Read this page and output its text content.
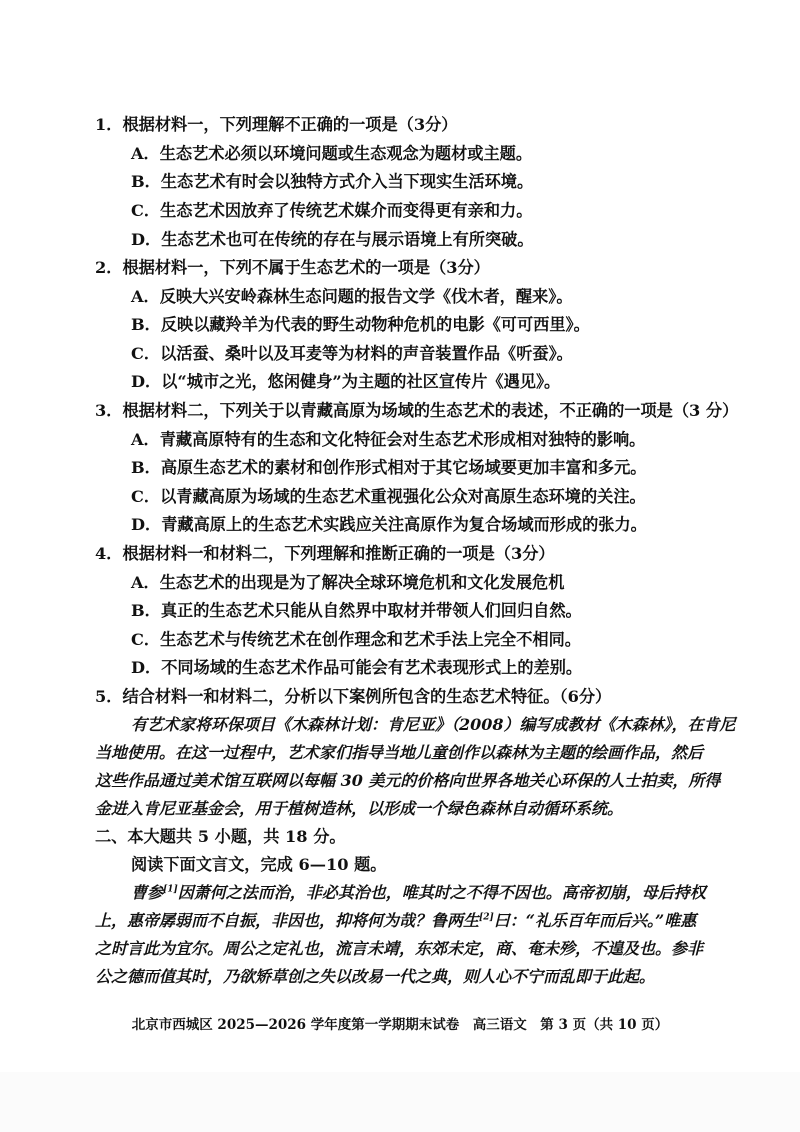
1．根据材料一，下列理解不正确的一项是（3分）
A．生态艺术必须以环境问题或生态观念为题材或主题。
B．生态艺术有时会以独特方式介入当下现实生活环境。
C．生态艺术因放弃了传统艺术媒介而变得更有亲和力。
D．生态艺术也可在传统的存在与展示语境上有所突破。
2．根据材料一，下列不属于生态艺术的一项是（3分）
A．反映大兴安岭森林生态问题的报告文学《伐木者，醒来》。
B．反映以藏羚羊为代表的野生动物种危机的电影《可可西里》。
C．以活蚕、桑叶以及耳麦等为材料的声音装置作品《听蚕》。
D．以“城市之光，悠闲健身”为主题的社区宣传片《遇见》。
3．根据材料二，下列关于以青藏高原为场域的生态艺术的表述，不正确的一项是（3 分）
A．青藏高原特有的生态和文化特征会对生态艺术形成相对独特的影响。
B．高原生态艺术的素材和创作形式相对于其它场域要更加丰富和多元。
C．以青藏高原为场域的生态艺术重视强化公众对高原生态环境的关注。
D．青藏高原上的生态艺术实践应关注高原作为复合场域而形成的张力。
4．根据材料一和材料二，下列理解和推断正确的一项是（3分）
A．生态艺术的出现是为了解决全球环境危机和文化发展危机
B．真正的生态艺术只能从自然界中取材并带领人们回归自然。
C．生态艺术与传统艺术在创作理念和艺术手法上完全不相同。
D．不同场域的生态艺术作品可能会有艺术表现形式上的差别。
5．结合材料一和材料二，分析以下案例所包含的生态艺术特征。（6分）
有艺术家将环保项目《木森林计划：肯尼亚》（2008）编写成教材《木森林》，在肯尼
当地使用。在这一过程中，艺术家们指导当地儿童创作以森林为主题的绘画作品，然后
这些作品通过美术馆互联网以每幅 30 美元的价格向世界各地关心环保的人士拍卖，所得
金进入肯尼亚基金会，用于植树造林，以形成一个绿色森林自动循环系统。
二、本大题共 5 小题，共 18 分。
阅读下面文言文，完成 6—10 题。
曹参[1]因萧何之法而治，非必其治也，唯其时之不得不因也。高帝初崩，母后持权
上，惠帝孱弱而不自振，非因也，抑将何为哉？鲁两生[2]曰：“礼乐百年而后兴。”唯惠
之时言此为宜尔。周公之定礼也，流言未靖，东郊未定，商、奄未殄，不遑及也。参非
公之德而值其时，乃欲矫草创之失以改易一代之典，则人心不宁而乱即于此起。
北京市西城区 2025—2026 学年度第一学期期末试卷　高三语文　第 3 页（共 10 页）
